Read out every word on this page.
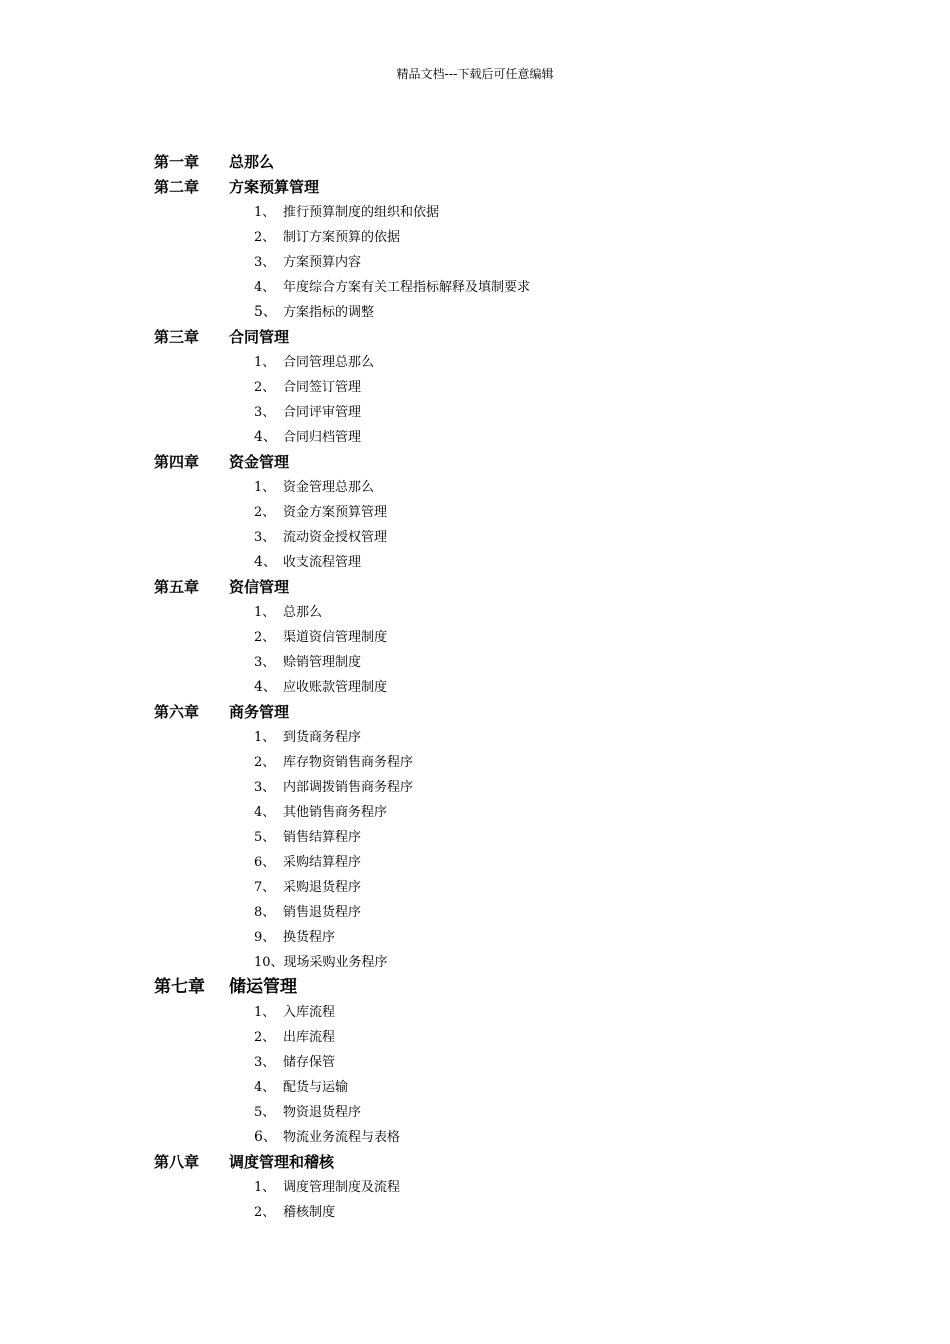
精品文档---下载后可任意编辑
第一章 总那么
第二章 方案预算管理
1、 推行预算制度的组织和依据
2、 制订方案预算的依据
3、 方案预算内容
4、 年度综合方案有关工程指标解释及填制要求
5、 方案指标的调整
第三章 合同管理
1、 合同管理总那么
2、 合同签订管理
3、 合同评审管理
4、 合同归档管理
第四章 资金管理
1、 资金管理总那么
2、 资金方案预算管理
3、 流动资金授权管理
4、 收支流程管理
第五章 资信管理
1、 总那么
2、 渠道资信管理制度
3、 赊销管理制度
4、 应收账款管理制度
第六章 商务管理
1、 到货商务程序
2、 库存物资销售商务程序
3、 内部调拨销售商务程序
4、 其他销售商务程序
5、 销售结算程序
6、 采购结算程序
7、 采购退货程序
8、 销售退货程序
9、 换货程序
10、现场采购业务程序
第七章 储运管理
1、 入库流程
2、 出库流程
3、 储存保管
4、 配货与运输
5、 物资退货程序
6、 物流业务流程与表格
第八章 调度管理和稽核
1、 调度管理制度及流程
2、 稽核制度
